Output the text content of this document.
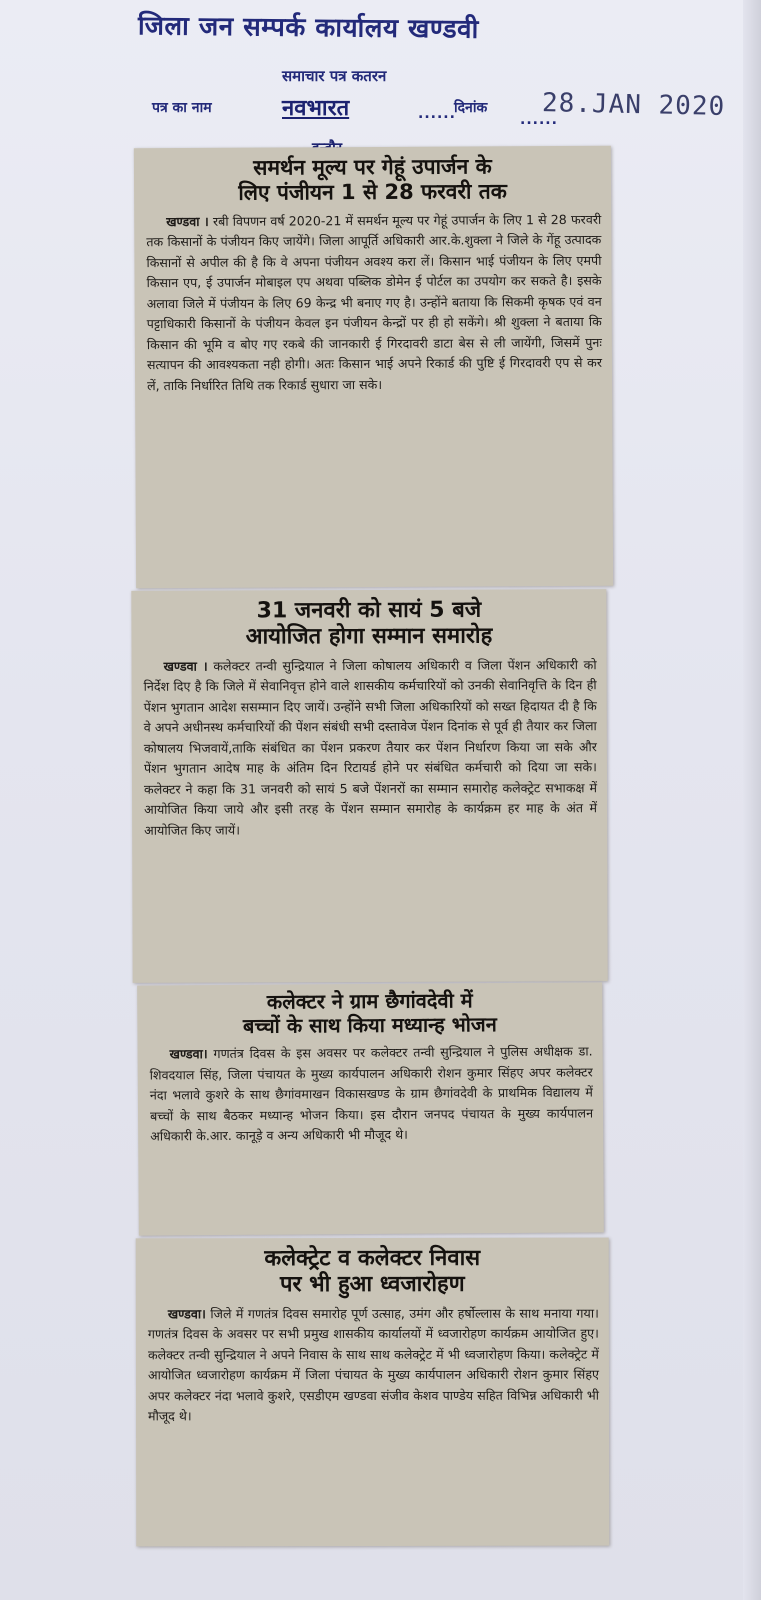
जिला जन सम्पर्क कार्यालय खण्डवी
समाचार पत्र कतरन
पत्र का नाम	नवभारत	......
दिनांक
......
28.JAN 2020
समर्थन मूल्य पर गेहूं उपार्जन के
लिए पंजीयन 1 से 28 फरवरी तक

खण्डवा । रबी विपणन वर्ष 2020-21 में समर्थन मूल्य पर गेहूं उपार्जन के लिए 1 से 28 फरवरी तक किसानों के पंजीयन किए जायेंगे। जिला आपूर्ति अधिकारी आर.के.शुक्ला ने जिले के गेंहू उत्पादक किसानों से अपील की है कि वे अपना पंजीयन अवश्य करा लें। किसान भाई पंजीयन के लिए एमपी किसान एप, ई उपार्जन मोबाइल एप अथवा पब्लिक डोमेन ई पोर्टल का उपयोग कर सकते है। इसके अलावा जिले में पंजीयन के लिए 69 केन्द्र भी बनाए गए है। उन्होंने बताया कि सिकमी कृषक एवं वन पट्टाधिकारी किसानों के पंजीयन केवल इन पंजीयन केन्द्रों पर ही हो सकेंगे। श्री शुक्ला ने बताया कि किसान की भूमि व बोए गए रकबे की जानकारी ई गिरदावरी डाटा बेस से ली जायेंगी, जिसमें पुनः सत्यापन की आवश्यकता नही होगी। अतः किसान भाई अपने रिकार्ड की पुष्टि ई गिरदावरी एप से कर लें, ताकि निर्धारित तिथि तक रिकार्ड सुधारा जा सके।

31 जनवरी को सायं 5 बजे
आयोजित होगा सम्मान समारोह

खण्डवा । कलेक्टर तन्वी सुन्द्रियाल ने जिला कोषालय अधिकारी व जिला पेंशन अधिकारी को निर्देश दिए है कि जिले में सेवानिवृत्त होने वाले शासकीय कर्मचारियों को उनकी सेवानिवृत्ति के दिन ही पेंशन भुगतान आदेश ससम्मान दिए जायें। उन्होंने सभी जिला अधिकारियों को सख्त हिदायत दी है कि वे अपने अधीनस्थ कर्मचारियों की पेंशन संबंधी सभी दस्तावेज पेंशन दिनांक से पूर्व ही तैयार कर जिला कोषालय भिजवायें,ताकि संबंधित का पेंशन प्रकरण तैयार कर पेंशन निर्धारण किया जा सके और पेंशन भुगतान आदेष माह के अंतिम दिन रिटायर्ड होने पर संबंधित कर्मचारी को दिया जा सके। कलेक्टर ने कहा कि 31 जनवरी को सायं 5 बजे पेंशनरों का सम्मान समारोह कलेक्ट्रेट सभाकक्ष में आयोजित किया जाये और इसी तरह के पेंशन सम्मान समारोह के कार्यक्रम हर माह के अंत में आयोजित किए जायें।

कलेक्टर ने ग्राम छैगांवदेवी में
बच्चों के साथ किया मध्यान्ह भोजन

खण्डवा। गणतंत्र दिवस के इस अवसर पर कलेक्टर तन्वी सुन्द्रियाल ने पुलिस अधीक्षक डा. शिवदयाल सिंह, जिला पंचायत के मुख्य कार्यपालन अधिकारी रोशन कुमार सिंहए अपर कलेक्टर नंदा भलावे कुशरे के साथ छैगांवमाखन विकासखण्ड के ग्राम छैगांवदेवी के प्राथमिक विद्यालय में बच्चों के साथ बैठकर मध्यान्ह भोजन किया। इस दौरान जनपद पंचायत के मुख्य कार्यपालन अधिकारी के.आर. कानूड़े व अन्य अधिकारी भी मौजूद थे।

कलेक्ट्रेट व कलेक्टर निवास
पर भी हुआ ध्वजारोहण

खण्डवा। जिले में गणतंत्र दिवस समारोह पूर्ण उत्साह, उमंग और हर्षोल्लास के साथ मनाया गया। गणतंत्र दिवस के अवसर पर सभी प्रमुख शासकीय कार्यालयों में ध्वजारोहण कार्यक्रम आयोजित हुए। कलेक्टर तन्वी सुन्द्रियाल ने अपने निवास के साथ साथ कलेक्ट्रेट में भी ध्वजारोहण किया। कलेक्ट्रेट में आयोजित ध्वजारोहण कार्यक्रम में जिला पंचायत के मुख्य कार्यपालन अधिकारी रोशन कुमार सिंहए अपर कलेक्टर नंदा भलावे कुशरे, एसडीएम खण्डवा संजीव केशव पाण्डेय सहित विभिन्न अधिकारी भी मौजूद थे।
